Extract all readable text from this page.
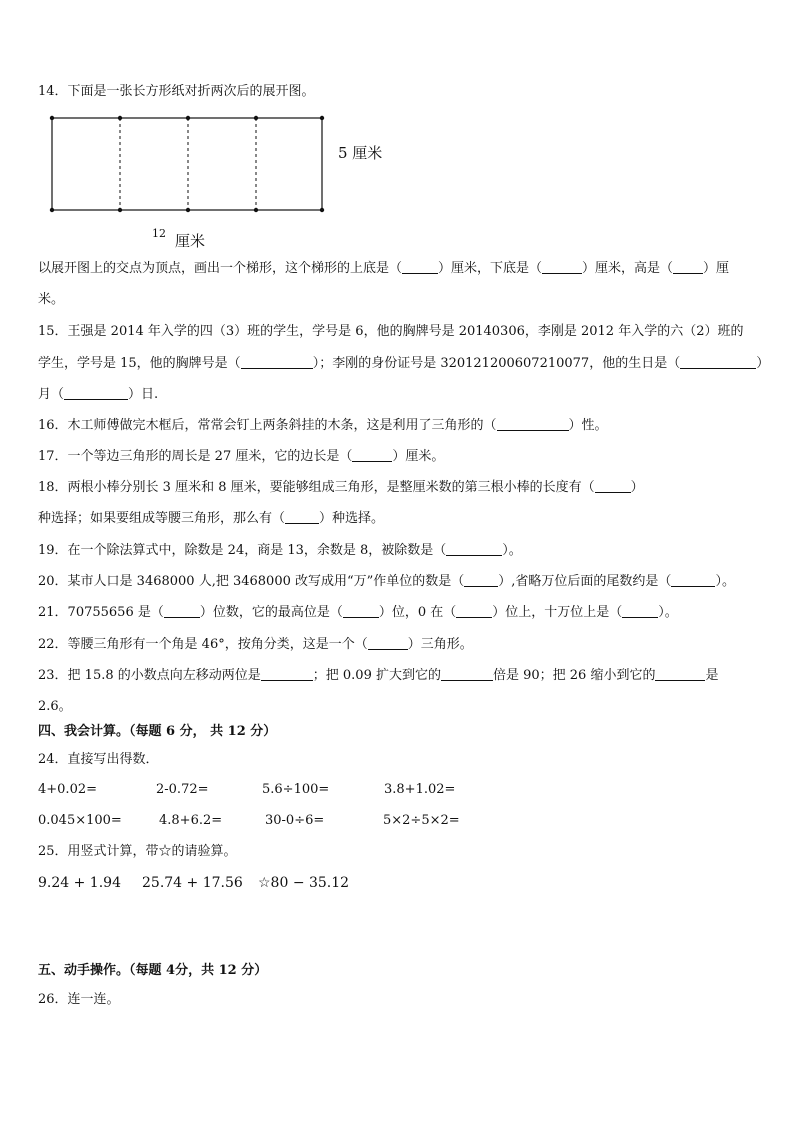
14．下面是一张长方形纸对折两次后的展开图。
5 厘米
12 厘米
以展开图上的交点为顶点，画出一个梯形，这个梯形的上底是（	）厘米，下底是（	）厘米，高是（ ）厘
米。
15．王强是 2014 年入学的四（3）班的学生，学号是 6，他的胸牌号是 20140306，李刚是 2012 年入学的六（2）班的
学生，学号是 15，他的胸牌号是（	）；李刚的身份证号是 320121200607210077，他的生日是（	）
月（	）日.
16．木工师傅做完木框后，常常会钉上两条斜挂的木条，这是利用了三角形的（	）性。
17．一个等边三角形的周长是 27 厘米，它的边长是（	）厘米。
18．两根小棒分别长 3 厘米和 8 厘米，要能够组成三角形，是整厘米数的第三根小棒的长度有（	）
种选择；如果要组成等腰三角形，那么有（	）种选择。
19．在一个除法算式中，除数是 24，商是 13，余数是 8，被除数是（	）。
20．某市人口是 3468000 人,把 3468000 改写成用“万”作单位的数是（	）,省略万位后面的尾数约是（	）。
21．70755656 是（	）位数，它的最高位是（	）位，0 在（	）位上，十万位上是（	）。
22．等腰三角形有一个角是 46°，按角分类，这是一个（	）三角形。
23．把 15.8 的小数点向左移动两位是	；把 0.09 扩大到它的	倍是 90；把 26 缩小到它的	是
2.6。
四、我会计算。（每题 6 分， 共 12 分）
24．直接写出得数．
4+0.02=	2-0.72=	5.6÷100=	3.8+1.02=
0.045×100=	4.8+6.2=	30-0÷6=	5×2÷5×2=
25．用竖式计算，带☆的请验算。
9.24 + 1.94 25.74 + 17.56 ☆80 − 35.12
五、动手操作。（每题 4分，共 12 分）
26．连一连。
